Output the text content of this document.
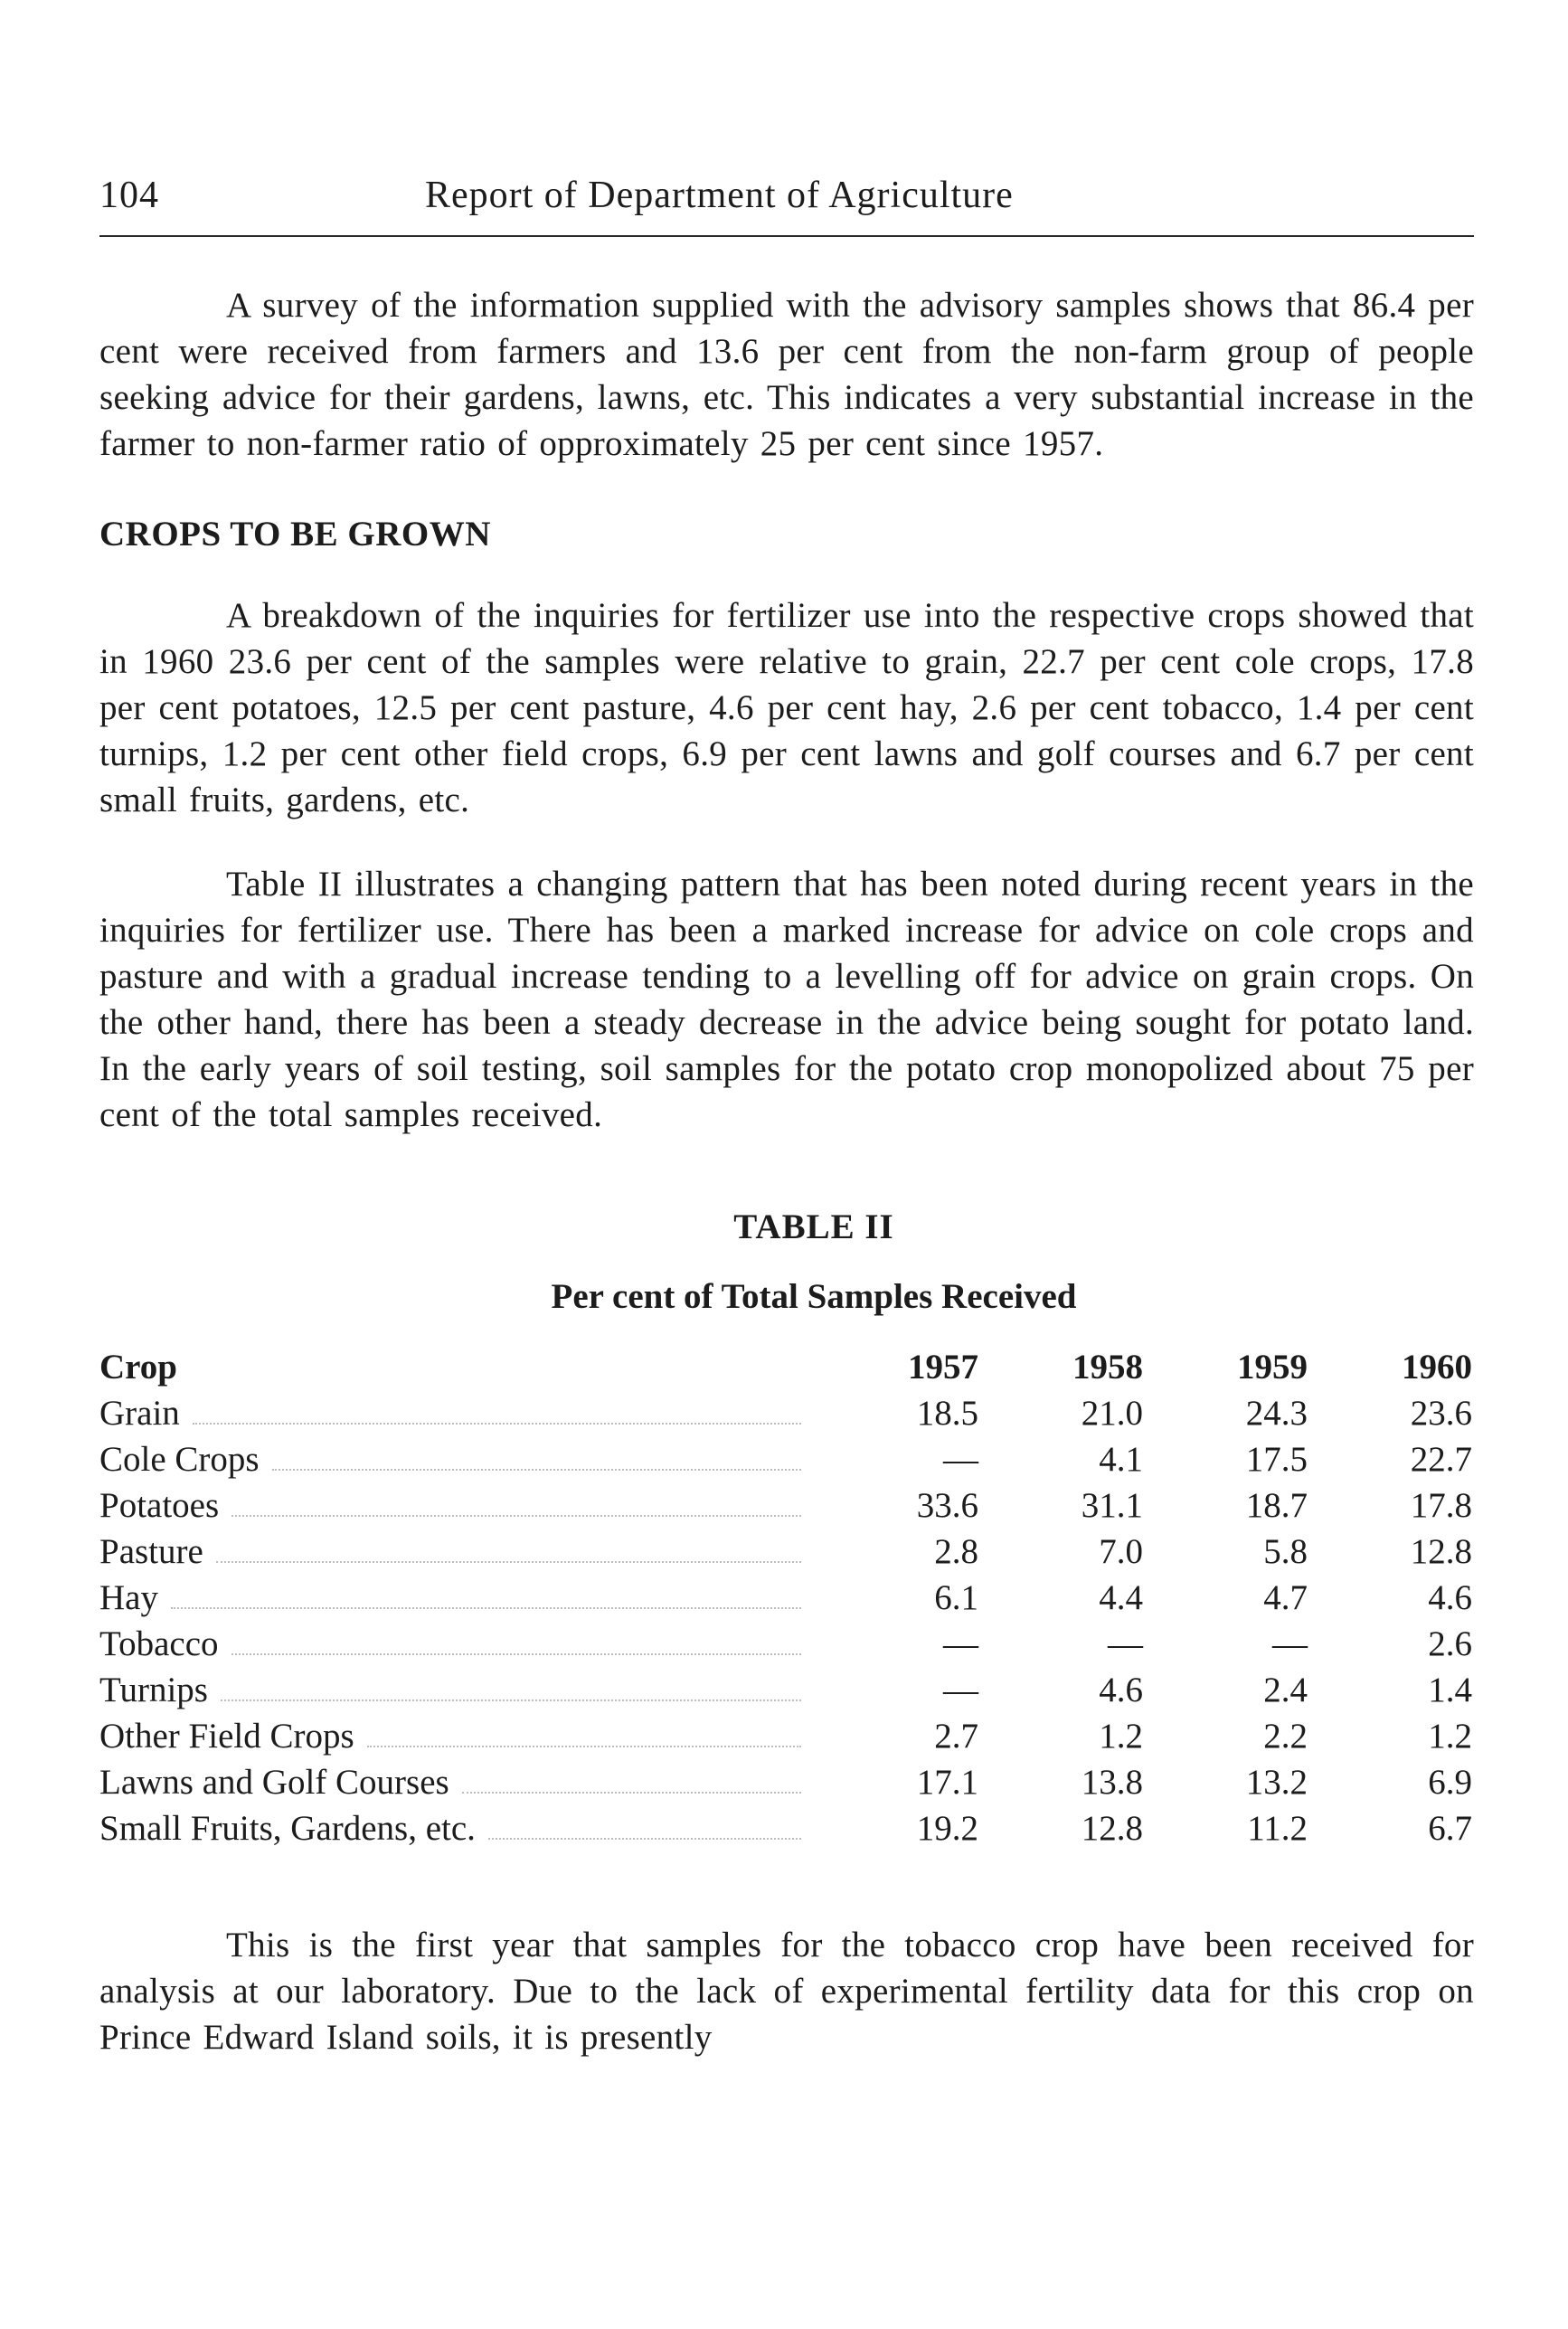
104	Report of Department of Agriculture

A survey of the information supplied with the advisory samples shows that 86.4 per cent were received from farmers and 13.6 per cent from the non-farm group of people seeking advice for their gardens, lawns, etc. This indicates a very substantial increase in the farmer to non-farmer ratio of opproximately 25 per cent since 1957.

CROPS TO BE GROWN

A breakdown of the inquiries for fertilizer use into the respective crops showed that in 1960 23.6 per cent of the samples were relative to grain, 22.7 per cent cole crops, 17.8 per cent potatoes, 12.5 per cent pasture, 4.6 per cent hay, 2.6 per cent tobacco, 1.4 per cent turnips, 1.2 per cent other field crops, 6.9 per cent lawns and golf courses and 6.7 per cent small fruits, gardens, etc.

Table II illustrates a changing pattern that has been noted during recent years in the inquiries for fertilizer use. There has been a marked increase for advice on cole crops and pasture and with a gradual increase tending to a levelling off for advice on grain crops. On the other hand, there has been a steady decrease in the advice being sought for potato land. In the early years of soil testing, soil samples for the potato crop monopolized about 75 per cent of the total samples received.

TABLE II
Per cent of Total Samples Received
Crop	1957	1958	1959	1960
Grain	18.5	21.0	24.3	23.6
Cole Crops	—	4.1	17.5	22.7
Potatoes	33.6	31.1	18.7	17.8
Pasture	2.8	7.0	5.8	12.8
Hay	6.1	4.4	4.7	4.6
Tobacco	—	—	—	2.6
Turnips	—	4.6	2.4	1.4
Other Field Crops	2.7	1.2	2.2	1.2
Lawns and Golf Courses	17.1	13.8	13.2	6.9
Small Fruits, Gardens, etc.	19.2	12.8	11.2	6.7

This is the first year that samples for the tobacco crop have been received for analysis at our laboratory. Due to the lack of experimental fertility data for this crop on Prince Edward Island soils, it is presently
